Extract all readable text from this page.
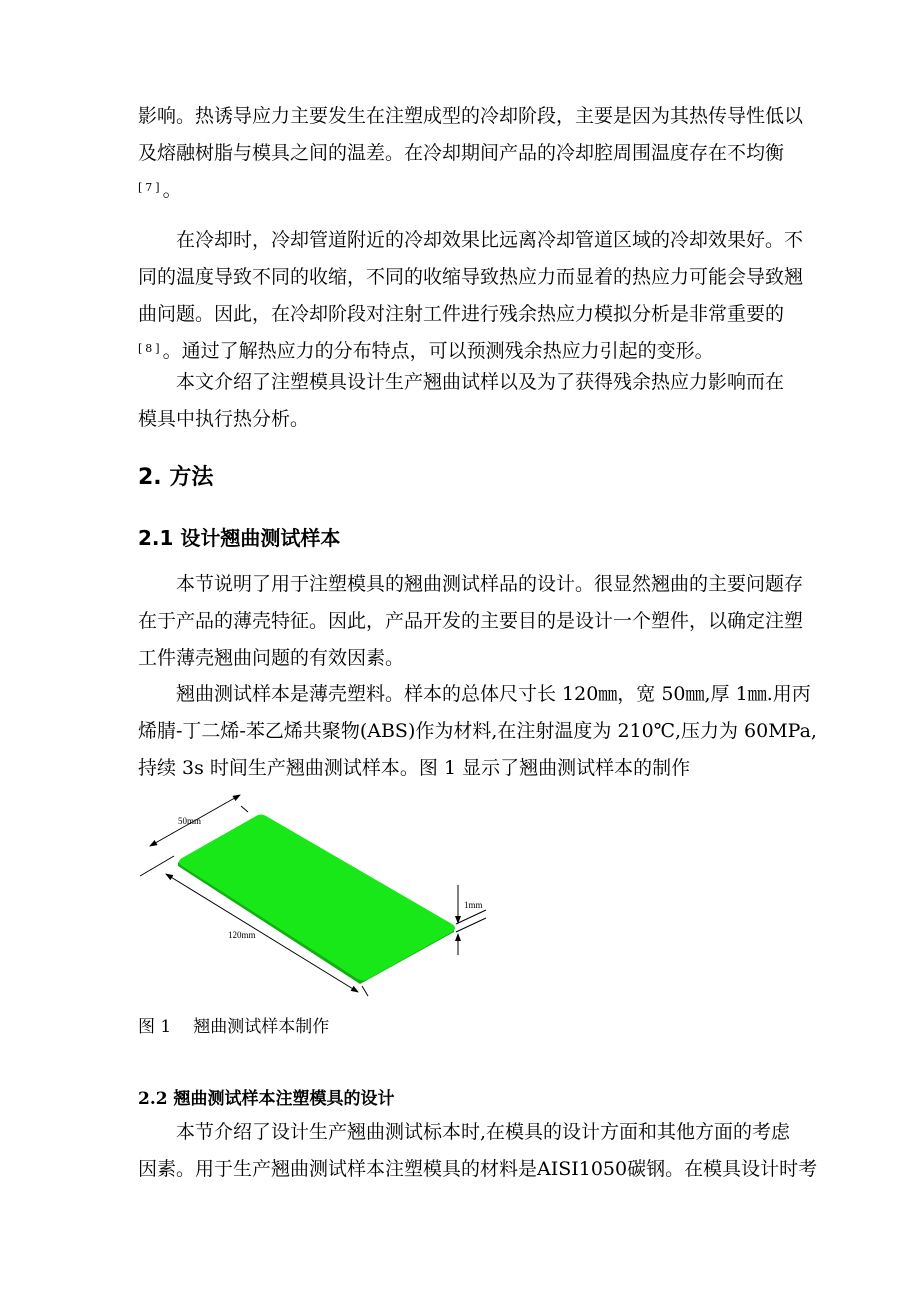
影响。热诱导应力主要发生在注塑成型的冷却阶段，主要是因为其热传导性低以
及熔融树脂与模具之间的温差。在冷却期间产品的冷却腔周围温度存在不均衡
[7]。

在冷却时，冷却管道附近的冷却效果比远离冷却管道区域的冷却效果好。不
同的温度导致不同的收缩，不同的收缩导致热应力而显着的热应力可能会导致翘
曲问题。因此，在冷却阶段对注射工件进行残余热应力模拟分析是非常重要的
[8]。通过了解热应力的分布特点，可以预测残余热应力引起的变形。

本文介绍了注塑模具设计生产翘曲试样以及为了获得残余热应力影响而在
模具中执行热分析。

2. 方法
2.1 设计翘曲测试样本

本节说明了用于注塑模具的翘曲测试样品的设计。很显然翘曲的主要问题存
在于产品的薄壳特征。因此，产品开发的主要目的是设计一个塑件，以确定注塑
工件薄壳翘曲问题的有效因素。

翘曲测试样本是薄壳塑料。样本的总体尺寸长 120㎜，宽 50㎜,厚 1㎜.用丙
烯腈-丁二烯-苯乙烯共聚物(ABS)作为材料,在注射温度为 210℃,压力为 60MPa,
持续 3s 时间生产翘曲测试样本。图 1 显示了翘曲测试样本的制作

50mm
120mm
1mm

图 1 翘曲测试样本制作

2.2 翘曲测试样本注塑模具的设计

本节介绍了设计生产翘曲测试标本时,在模具的设计方面和其他方面的考虑
因素。用于生产翘曲测试样本注塑模具的材料是AISI1050碳钢。在模具设计时考
